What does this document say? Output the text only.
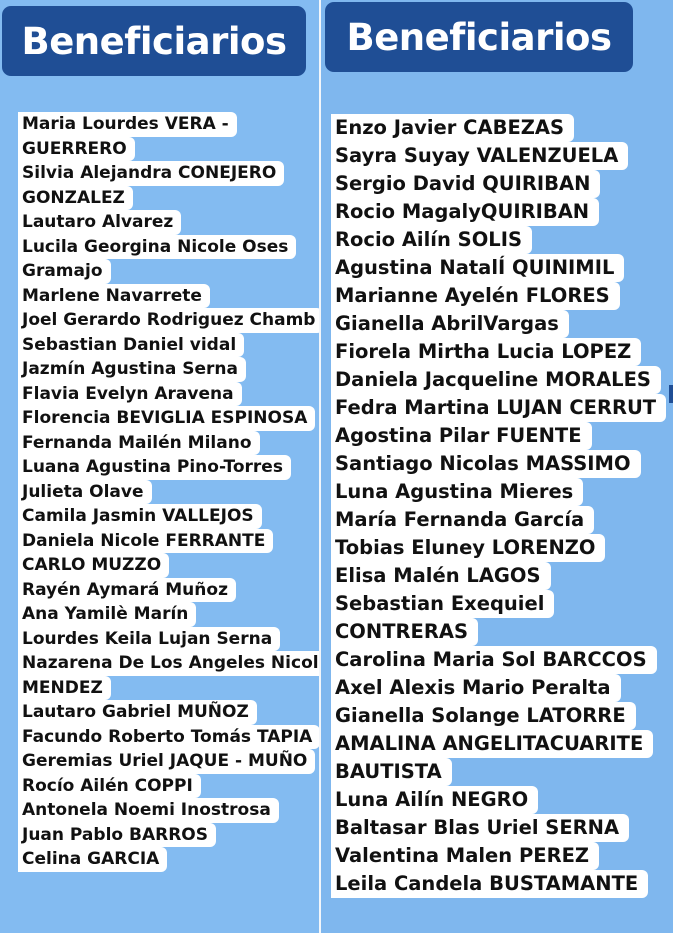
Beneficiarios
Maria Lourdes VERA -
GUERRERO
Silvia Alejandra CONEJERO
GONZALEZ
Lautaro Alvarez
Lucila Georgina Nicole Oses
Gramajo
Marlene Navarrete
Joel Gerardo Rodriguez Chamb
Sebastian Daniel vidal
Jazmín Agustina Serna
Flavia Evelyn Aravena
Florencia BEVIGLIA ESPINOSA
Fernanda Mailén Milano
Luana Agustina Pino-Torres
Julieta Olave
Camila Jasmin VALLEJOS
Daniela Nicole FERRANTE
CARLO MUZZO
Rayén Aymará Muñoz
Ana Yamilè Marín
Lourdes Keila Lujan Serna
Nazarena De Los Angeles Nicol
MENDEZ
Lautaro Gabriel MUÑOZ
Facundo Roberto Tomás TAPIA
Geremias Uriel JAQUE - MUÑO
Rocío Ailén COPPI
Antonela Noemi Inostrosa
Juan Pablo BARROS
Celina GARCIA
Beneficiarios
Enzo Javier CABEZAS
Sayra Suyay VALENZUELA
Sergio David QUIRIBAN
Rocio MagalyQUIRIBAN
Rocio Ailín SOLIS
Agustina NatalÍ QUINIMIL
Marianne Ayelén FLORES
Gianella AbrilVargas
Fiorela Mirtha Lucia LOPEZ
Daniela Jacqueline MORALES
Fedra Martina LUJAN CERRUT
Agostina Pilar FUENTE
Santiago Nicolas MASSIMO
Luna Agustina Mieres
María Fernanda García
Tobias Eluney LORENZO
Elisa Malén LAGOS
Sebastian Exequiel
CONTRERAS
Carolina Maria Sol BARCCOS
Axel Alexis Mario Peralta
Gianella Solange LATORRE
AMALINA ANGELITACUARITE
BAUTISTA
Luna Ailín NEGRO
Baltasar Blas Uriel SERNA
Valentina Malen PEREZ
Leila Candela BUSTAMANTE
